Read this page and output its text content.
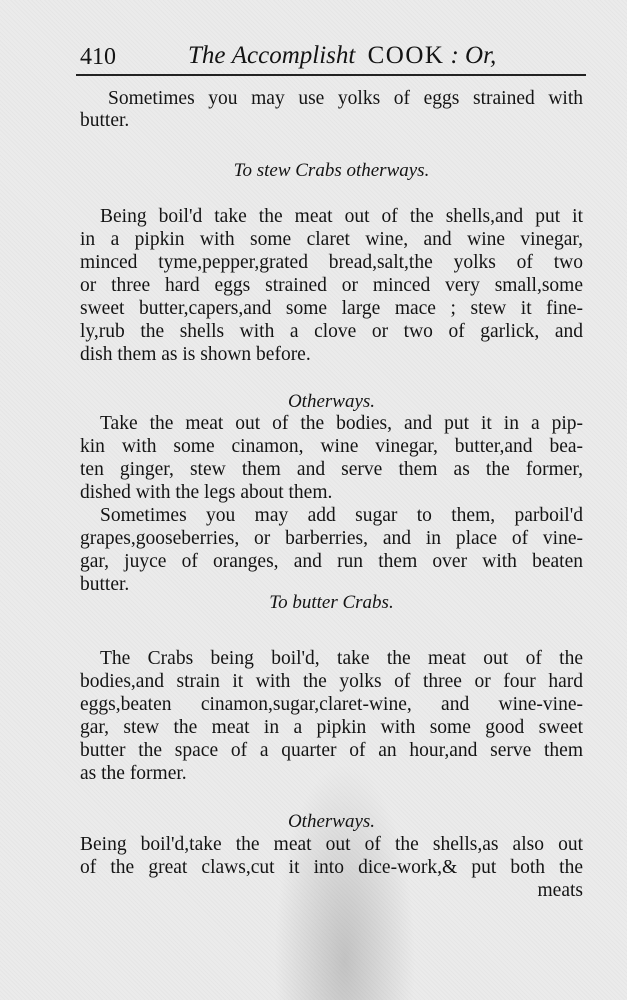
410	The Accomplisht COOK : Or,
Sometimes you may use yolks of eggs strained with
butter.
To stew Crabs otherways.
Being boil'd take the meat out of the shells,and put it
in a pipkin with some claret wine, and wine vinegar,
minced tyme,pepper,grated bread,salt,the yolks of two
or three hard eggs strained or minced very small,some
sweet butter,capers,and some large mace ; stew it fine-
ly,rub the shells with a clove or two of garlick, and
dish them as is shown before.
Otherways.
Take the meat out of the bodies, and put it in a pip-
kin with some cinamon, wine vinegar, butter,and bea-
ten ginger, stew them and serve them as the former,
dished with the legs about them.
Sometimes you may add sugar to them, parboil'd
grapes,gooseberries, or barberries, and in place of vine-
gar, juyce of oranges, and run them over with beaten
butter.
To butter Crabs.
The Crabs being boil'd, take the meat out of the
bodies,and strain it with the yolks of three or four hard
eggs,beaten cinamon,sugar,claret-wine, and wine-vine-
gar, stew the meat in a pipkin with some good sweet
butter the space of a quarter of an hour,and serve them
as the former.
Otherways.
Being boil'd,take the meat out of the shells,as also out
of the great claws,cut it into dice-work,& put both the
meats
